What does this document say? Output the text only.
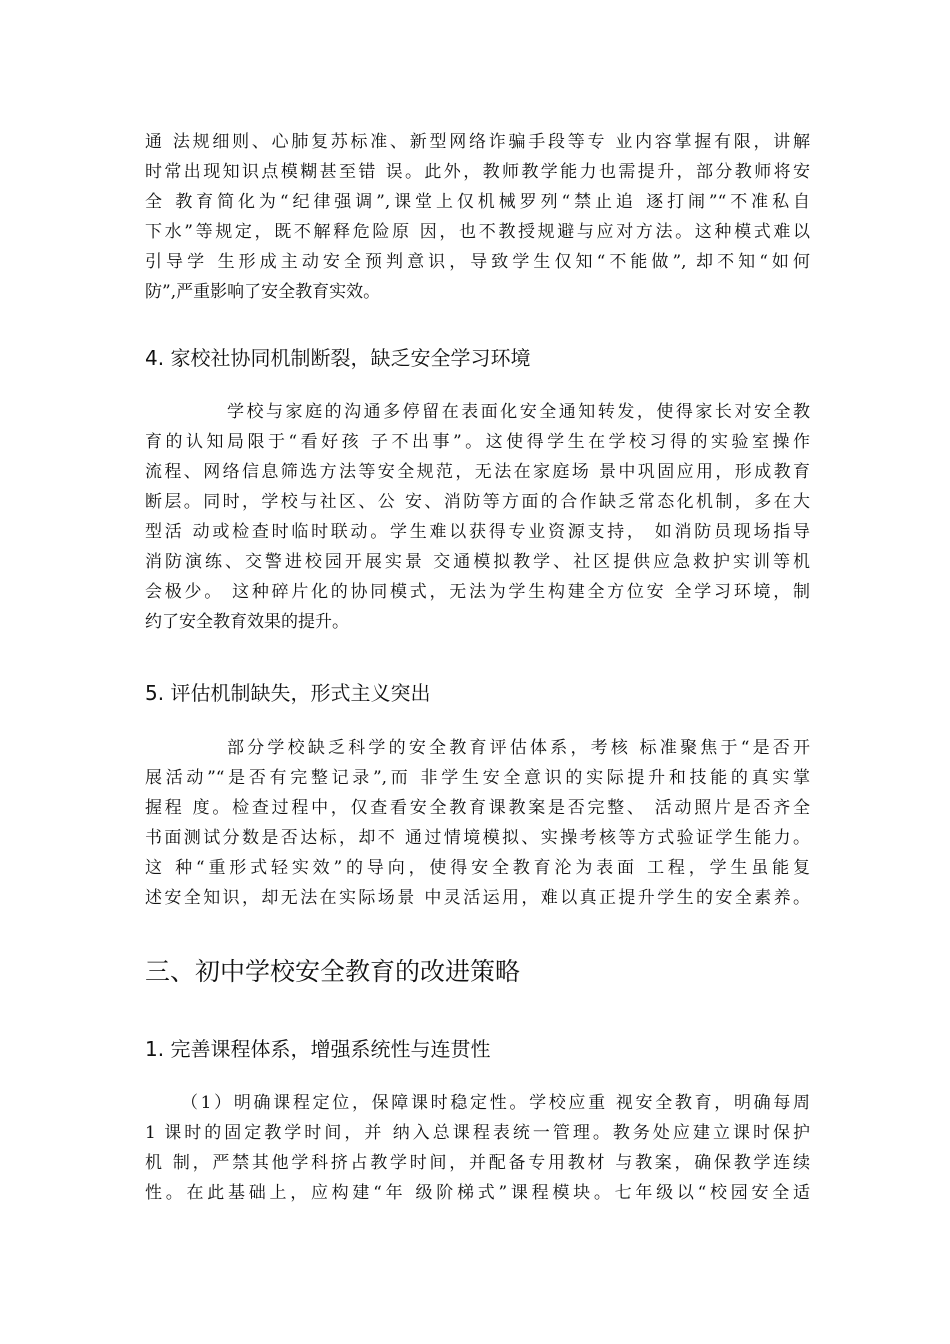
通 法规细则、心肺复苏标准、新型网络诈骗手段等专 业内容掌握有限，讲解
时常出现知识点模糊甚至错 误。此外，教师教学能力也需提升，部分教师将安
全 教育简化为“纪律强调”,课堂上仅机械罗列“禁止追 逐打闹”“不准私自
下水”等规定，既不解释危险原 因，也不教授规避与应对方法。这种模式难以
引导学 生形成主动安全预判意识，导致学生仅知“不能做”, 却不知“如何
防”,严重影响了安全教育实效。
4. 家校社协同机制断裂，缺乏安全学习环境
学校与家庭的沟通多停留在表面化安全通知转发，使得家长对安全教
育的认知局限于“看好孩 子不出事”。这使得学生在学校习得的实验室操作
流程、网络信息筛选方法等安全规范，无法在家庭场 景中巩固应用，形成教育
断层。同时，学校与社区、公 安、消防等方面的合作缺乏常态化机制，多在大
型活 动或检查时临时联动。学生难以获得专业资源支持， 如消防员现场指导
消防演练、交警进校园开展实景 交通模拟教学、社区提供应急救护实训等机
会极少。 这种碎片化的协同模式，无法为学生构建全方位安 全学习环境，制
约了安全教育效果的提升。
5. 评估机制缺失，形式主义突出
部分学校缺乏科学的安全教育评估体系，考核 标准聚焦于“是否开
展活动”“是否有完整记录”,而 非学生安全意识的实际提升和技能的真实掌
握程 度。检查过程中，仅查看安全教育课教案是否完整、 活动照片是否齐全
书面测试分数是否达标，却不 通过情境模拟、实操考核等方式验证学生能力。
这 种“重形式轻实效”的导向，使得安全教育沦为表面 工程，学生虽能复
述安全知识，却无法在实际场景 中灵活运用，难以真正提升学生的安全素养。
三、初中学校安全教育的改进策略
1. 完善课程体系，增强系统性与连贯性
（1）明确课程定位，保障课时稳定性。学校应重 视安全教育，明确每周
1 课时的固定教学时间，并 纳入总课程表统一管理。教务处应建立课时保护
机 制，严禁其他学科挤占教学时间，并配备专用教材 与教案，确保教学连续
性。在此基础上，应构建“年 级阶梯式”课程模块。七年级以“校园安全适
